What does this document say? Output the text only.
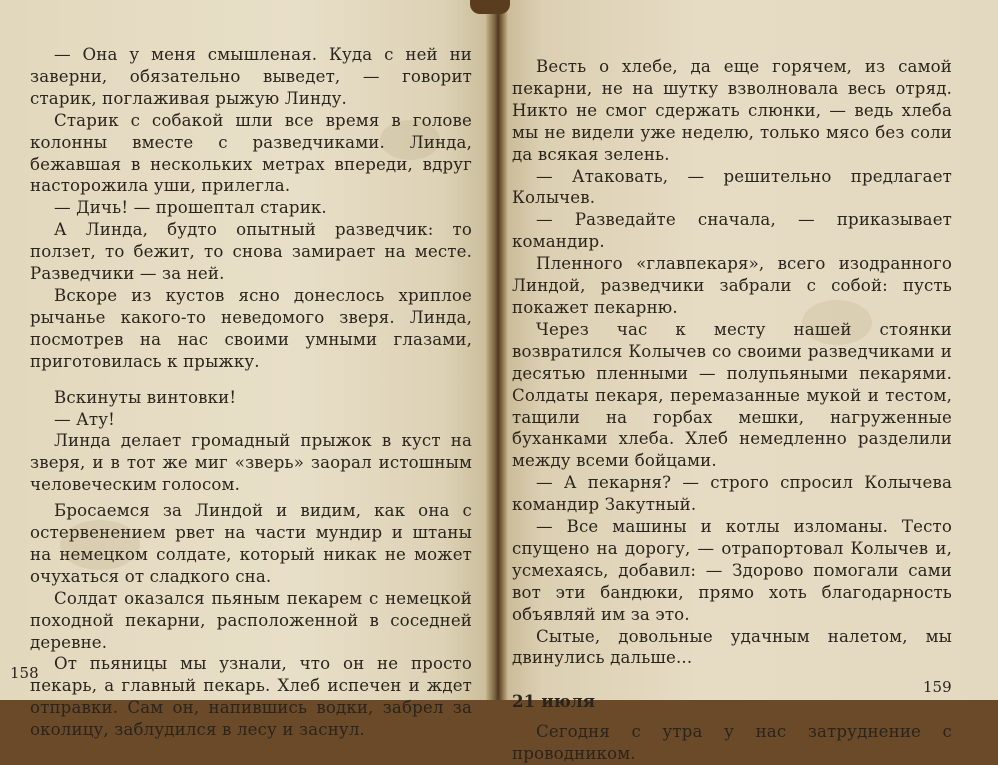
— Она у меня смышленая. Куда с ней ни заверни, обязательно выведет, — говорит старик, поглаживая рыжую Линду.

Старик с собакой шли все время в голове колонны вместе с разведчиками. Линда, бежавшая в нескольких метрах впереди, вдруг насторожила уши, прилегла.

— Дичь! — прошептал старик.

А Линда, будто опытный разведчик: то ползет, то бежит, то снова замирает на месте. Разведчики — за ней.

Вскоре из кустов ясно донеслось хриплое рычанье какого-то неведомого зверя. Линда, посмотрев на нас своими умными глазами, приготовилась к прыжку.

Вскинуты винтовки!

— Ату!

Линда делает громадный прыжок в куст на зверя, и в тот же миг «зверь» заорал истошным человеческим голосом.

Бросаемся за Линдой и видим, как она с остервенением рвет на части мундир и штаны на немецком солдате, который никак не может очухаться от сладкого сна.

Солдат оказался пьяным пекарем с немецкой походной пекарни, расположенной в соседней деревне.

От пьяницы мы узнали, что он не просто пекарь, а главный пекарь. Хлеб испечен и ждет отправки. Сам он, напившись водки, забрел за околицу, заблудился в лесу и заснул.

Весть о хлебе, да еще горячем, из самой пекарни, не на шутку взволновала весь отряд. Никто не смог сдержать слюнки, — ведь хлеба мы не видели уже неделю, только мясо без соли да всякая зелень.

— Атаковать, — решительно предлагает Колычев.

— Разведайте сначала, — приказывает командир.

Пленного «главпекаря», всего изодранного Линдой, разведчики забрали с собой: пусть покажет пекарню.

Через час к месту нашей стоянки возвратился Колычев со своими разведчиками и десятью пленными — полупьяными пекарями. Солдаты пекаря, перемазанные мукой и тестом, тащили на горбах мешки, нагруженные буханками хлеба. Хлеб немедленно разделили между всеми бойцами.

— А пекарня? — строго спросил Колычева командир Закутный.

— Все машины и котлы изломаны. Тесто спущено на дорогу, — отрапортовал Колычев и, усмехаясь, добавил: — Здорово помогали сами вот эти бандюки, прямо хоть благодарность объявляй им за это.

Сытые, довольные удачным налетом, мы двинулись дальше...

21 июля

Сегодня с утра у нас затруднение с проводником.

158
159
